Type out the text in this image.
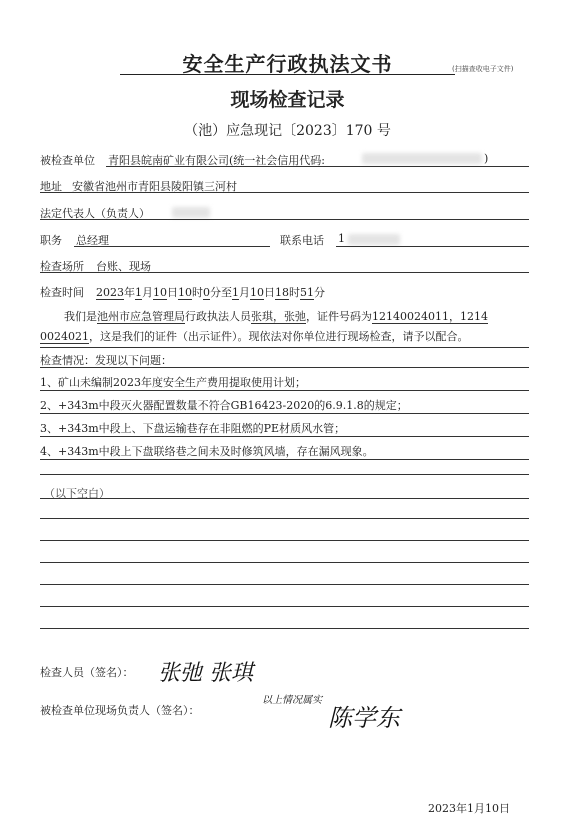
安全生产行政执法文书	(扫描查收电子文件)
现场检查记录
（池）应急现记〔2023〕170 号
被检查单位 青阳县皖南矿业有限公司(统一社会信用代码:	)
地址 安徽省池州市青阳县陵阳镇三河村
法定代表人（负责人）
职务 总经理	联系电话 1
检查场所 台账、现场
检查时间 2023年1月10日10时0分至1月10日18时51分
我们是池州市应急管理局行政执法人员张琪，张弛，证件号码为12140024011，1214
0024021，这是我们的证件（出示证件）。现依法对你单位进行现场检查，请予以配合。
检查情况：发现以下问题：
1、矿山未编制2023年度安全生产费用提取使用计划；
2、+343m中段灭火器配置数量不符合GB16423-2020的6.9.1.8的规定；
3、+343m中段上、下盘运输巷存在非阻燃的PE材质风水管；
4、+343m中段上下盘联络巷之间未及时修筑风墙，存在漏风现象。
（以下空白）
检查人员（签名）： 张弛 张琪
被检查单位现场负责人（签名）：
以上情况属实
陈学东
2023年1月10日
